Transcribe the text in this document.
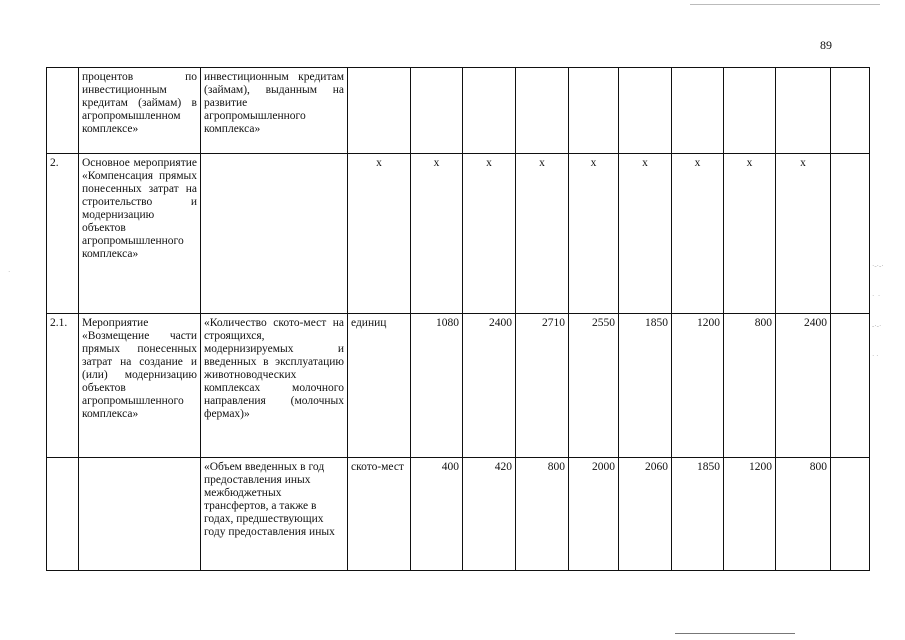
89
·-·-·
·  ·
-·-·
· ·
·
	процентов по инвестиционным кредитам (займам) в агропромышленном комплексе»	инвестиционным кредитам (займам), выданным на развитие агропромышленного комплекса»										
2.	Основное мероприятие «Компенсация прямых понесенных затрат на строительство и модернизацию объектов агропромышленного комплекса»		x	x	x	x	x	x	x	x	x	
2.1.	Мероприятие «Возмещение части прямых понесенных затрат на создание и (или) модернизацию объектов агропромышленного комплекса»	«Количество ското-мест на строящихся, модернизируемых и введенных в эксплуатацию животноводческих комплексах молочного направления (молочных фермах)»	единиц	1080	2400	2710	2550	1850	1200	800	2400	
		«Объем введенных в год предоставления иных межбюджетных трансфертов, а также в годах, предшествующих году предоставления иных	ското-мест	400	420	800	2000	2060	1850	1200	800	
